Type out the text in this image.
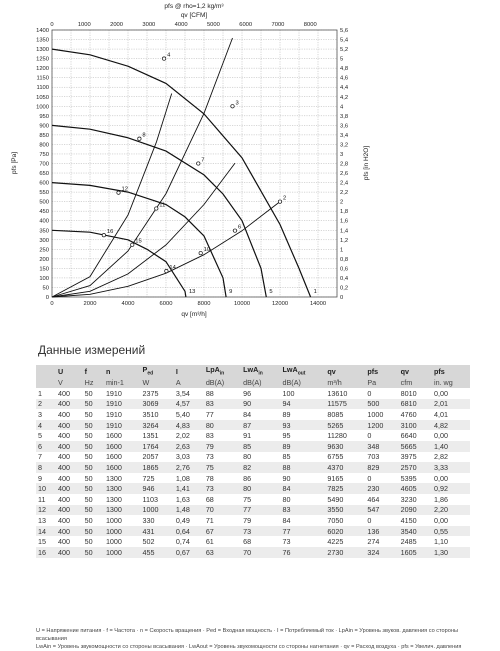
0	0
50	0,2
100	0,4
150	0,6
200	0,8
250	1
300	1,2
350	1,4
400	1,6
450	1,8
500	2
550	2,2
600	2,4
650	2,6
700	2,8
750	3
800	3,2
850	3,4
900	3,6
950	3,8
1000	4
1050	4,2
1100	4,4
1150	4,6
1200	4,8
1250	5
1300	5,2
1350	5,4
1400	5,6
0	2000	4000	6000	8000	10000	12000	14000
0	1000	2000	3000	4000	5000	6000	7000	8000
1
2
3
4
5
6
7
8
9
10
11
12
13
14
15
16
pfs @ rho=1,2 kg/m³
qv [CFM]
qv [m³/h]
pfs [Pa]	pfs [in H2O]
Данные измерений
	U	f	n	$P_{ed}$	I	LpA$_{in}$	LwA$_{in}$	LwA$_{out}$	qv	pfs	qv	pfs
	V	Hz	min-1	W	A	dB(A)	dB(A)	dB(A)	m³/h	Pa	cfm	in. wg
1	400	50	1910	2375	3,54	88	96	100	13610	0	8010	0,00
2	400	50	1910	3069	4,57	83	90	94	11575	500	6810	2,01
3	400	50	1910	3510	5,40	77	84	89	8085	1000	4760	4,01
4	400	50	1910	3264	4,83	80	87	93	5265	1200	3100	4,82
5	400	50	1600	1351	2,02	83	91	95	11280	0	6640	0,00
6	400	50	1600	1764	2,63	79	85	89	9630	348	5665	1,40
7	400	50	1600	2057	3,03	73	80	85	6755	703	3975	2,82
8	400	50	1600	1865	2,76	75	82	88	4370	829	2570	3,33
9	400	50	1300	725	1,08	78	86	90	9165	0	5395	0,00
10	400	50	1300	946	1,41	73	80	84	7825	230	4605	0,92
11	400	50	1300	1103	1,63	68	75	80	5490	464	3230	1,86
12	400	50	1300	1000	1,48	70	77	83	3550	547	2090	2,20
13	400	50	1000	330	0,49	71	79	84	7050	0	4150	0,00
14	400	50	1000	431	0,64	67	73	77	6020	136	3540	0,55
15	400	50	1000	502	0,74	61	68	73	4225	274	2485	1,10
16	400	50	1000	455	0,67	63	70	76	2730	324	1605	1,30
U = Напряжение питания · f = Частота · n = Скорость вращения · Ped = Входная мощность · I = Потребляемый ток · LpAin = Уровень звуков. давления со стороны всасывания
LwAin = Уровень звукомощности со стороны всасывания · LwAout = Уровень звукомощности со стороны нагнетания · qv = Расход воздуха · pfs = Увелич. давления
